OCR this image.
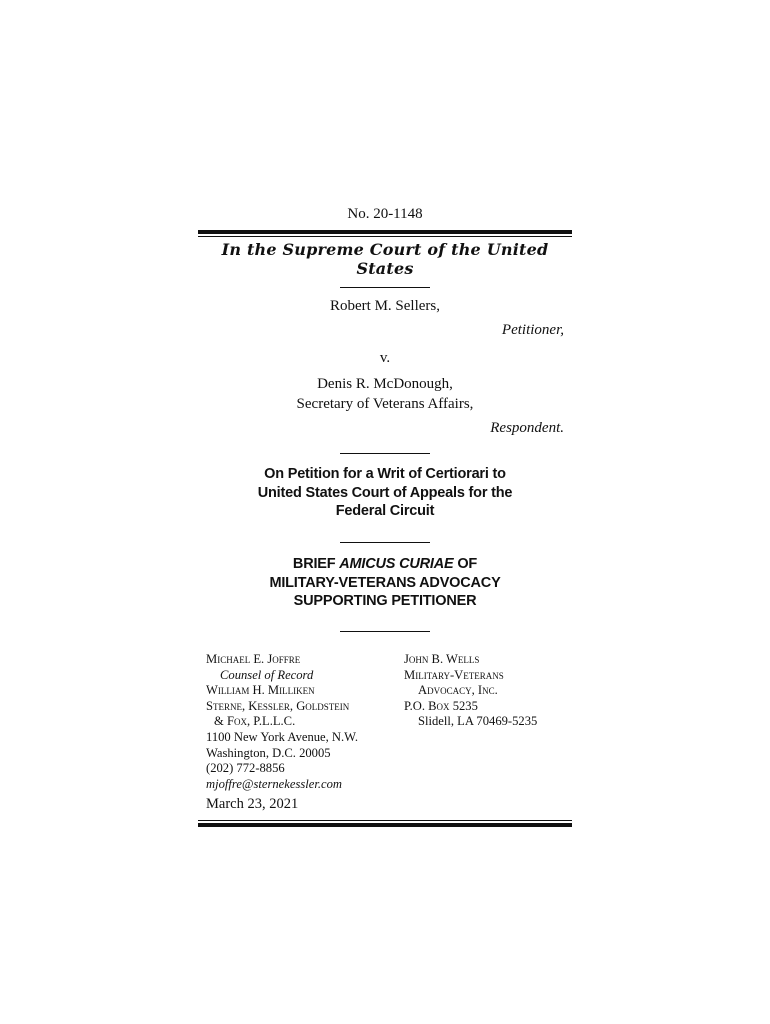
No. 20-1148
In the Supreme Court of the United States
Robert M. Sellers,
Petitioner,
v.
Denis R. McDonough,
Secretary of Veterans Affairs,
Respondent.
On Petition for a Writ of Certiorari to
United States Court of Appeals for the
Federal Circuit
BRIEF AMICUS CURIAE OF
MILITARY-VETERANS ADVOCACY
SUPPORTING PETITIONER
Michael E. Joffre
Counsel of Record
William H. Milliken
Sterne, Kessler, Goldstein
& Fox, P.L.L.C.
1100 New York Avenue, N.W.
Washington, D.C. 20005
(202) 772-8856
mjoffre@sternekessler.com
John B. Wells
Military-Veterans
Advocacy, Inc.
P.O. Box 5235
Slidell, LA 70469-5235
March 23, 2021
